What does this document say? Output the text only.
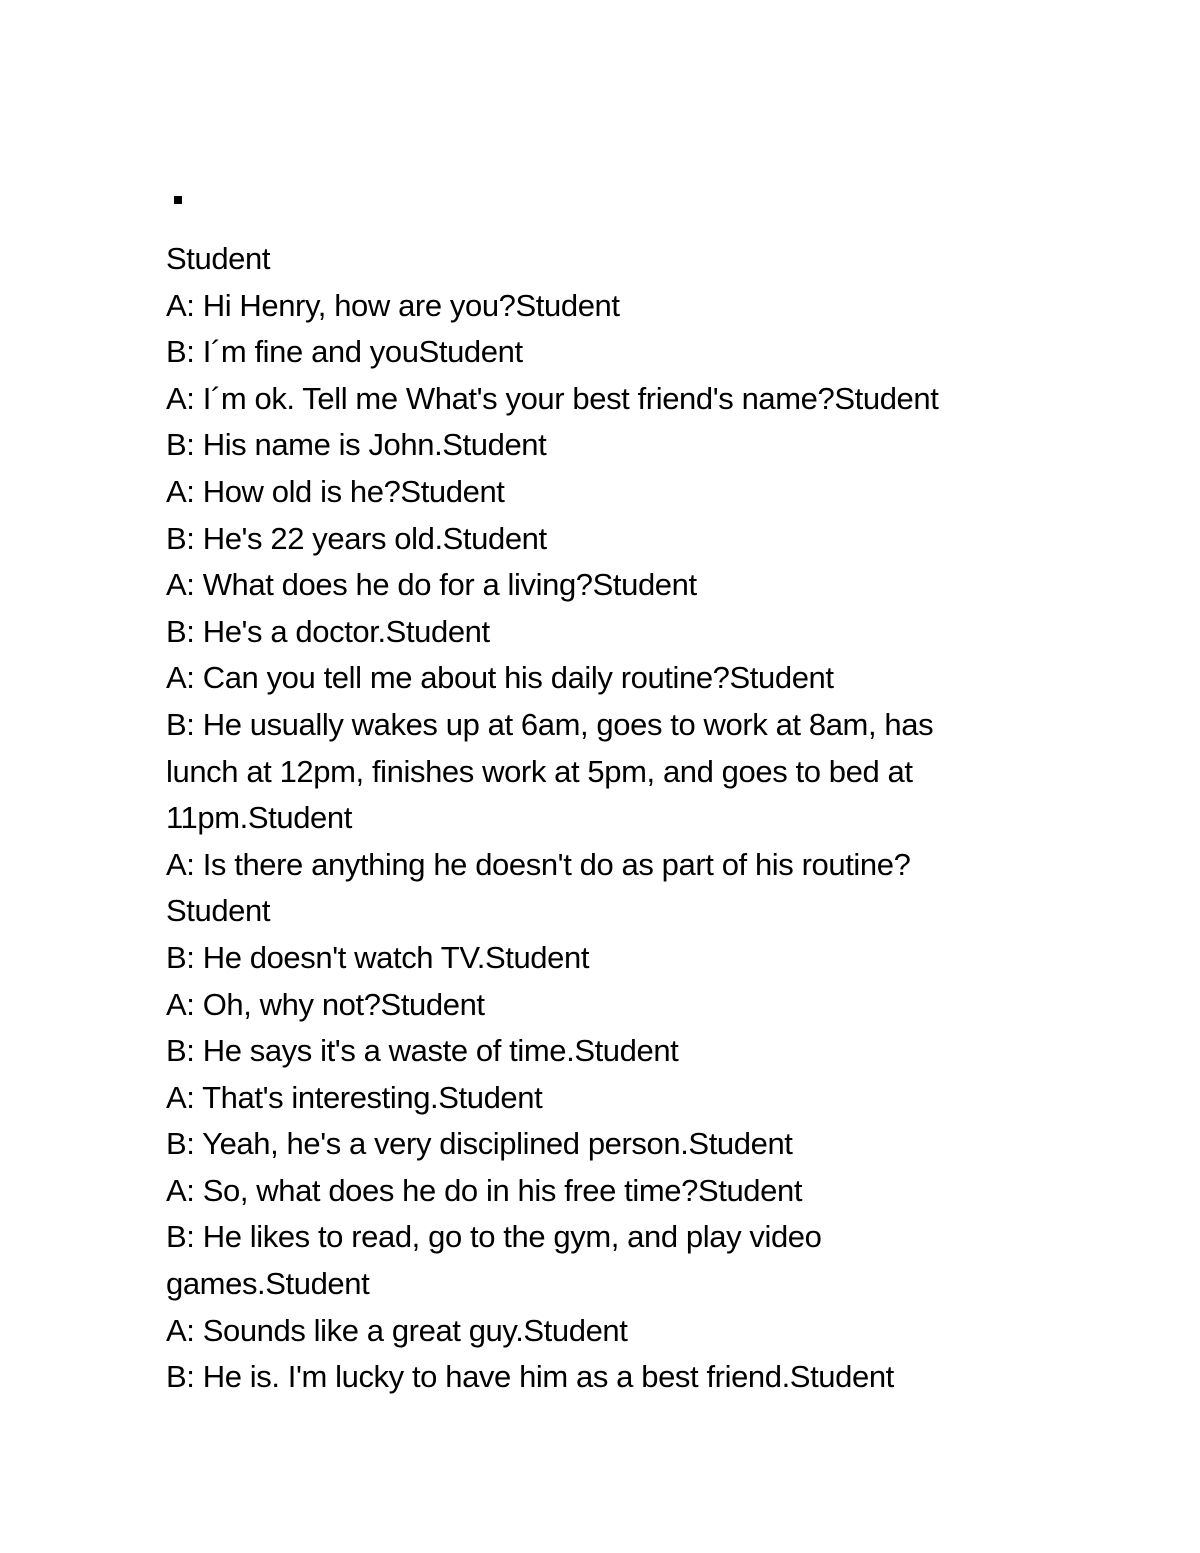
Student
A: Hi Henry, how are you?Student
B: I´m fine and youStudent
A: I´m ok. Tell me What's your best friend's name?Student
B: His name is John.Student
A: How old is he?Student
B: He's 22 years old.Student
A: What does he do for a living?Student
B: He's a doctor.Student
A: Can you tell me about his daily routine?Student
B: He usually wakes up at 6am, goes to work at 8am, has
lunch at 12pm, finishes work at 5pm, and goes to bed at
11pm.Student
A: Is there anything he doesn't do as part of his routine?
Student
B: He doesn't watch TV.Student
A: Oh, why not?Student
B: He says it's a waste of time.Student
A: That's interesting.Student
B: Yeah, he's a very disciplined person.Student
A: So, what does he do in his free time?Student
B: He likes to read, go to the gym, and play video
games.Student
A: Sounds like a great guy.Student
B: He is. I'm lucky to have him as a best friend.Student
